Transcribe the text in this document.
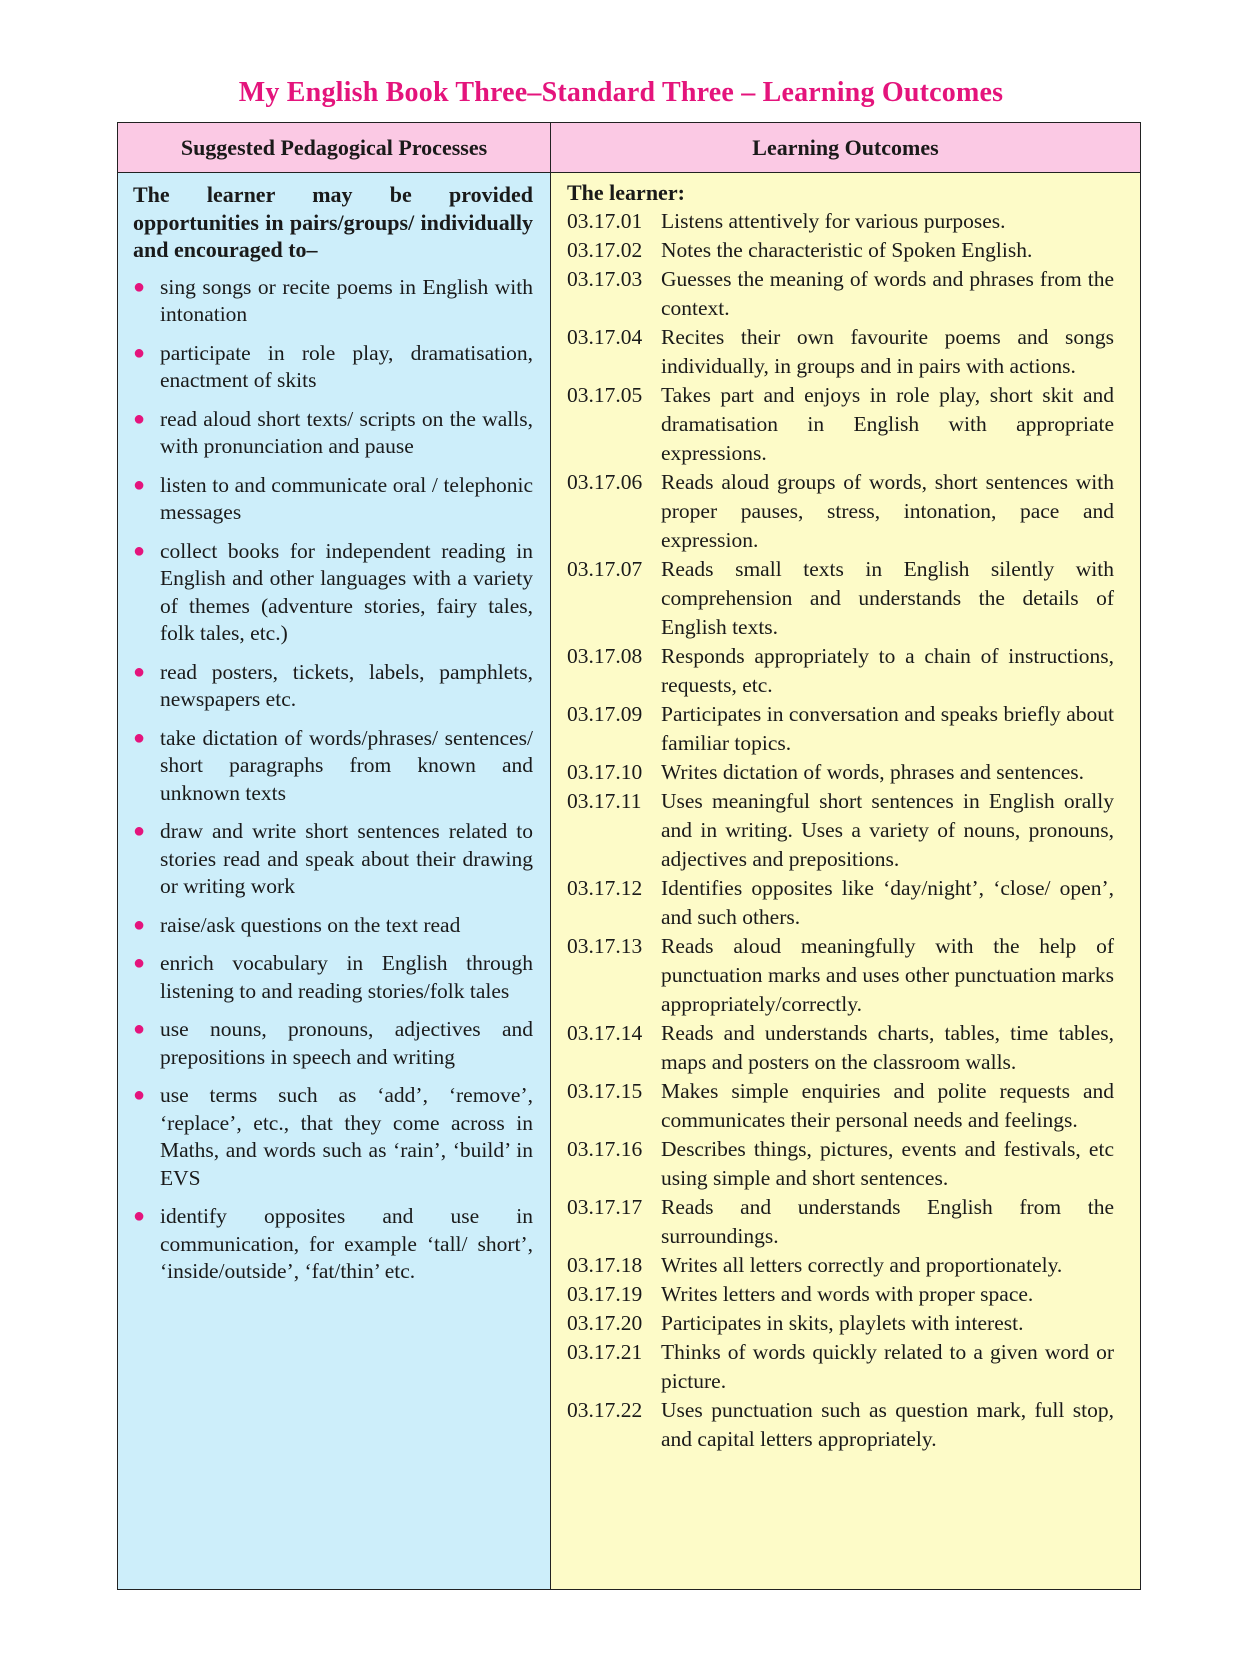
My English Book Three–Standard Three – Learning Outcomes
Suggested Pedagogical Processes

The learner may be provided opportunities in pairs/groups/ individually and encouraged to–

● sing songs or recite poems in English with intonation
● participate in role play, dramatisation, enactment of skits
● read aloud short texts/ scripts on the walls, with pronunciation and pause
● listen to and communicate oral / telephonic messages
● collect books for independent reading in English and other languages with a variety of themes (adventure stories, fairy tales, folk tales, etc.)
● read posters, tickets, labels, pamphlets, newspapers etc.
● take dictation of words/phrases/ sentences/ short paragraphs from known and unknown texts
● draw and write short sentences related to stories read and speak about their drawing or writing work
● raise/ask questions on the text read
● enrich vocabulary in English through listening to and reading stories/folk tales
● use nouns, pronouns, adjectives and prepositions in speech and writing
● use terms such as ‘add’, ‘remove’, ‘replace’, etc., that they come across in Maths, and words such as ‘rain’, ‘build’ in EVS
● identify opposites and use in communication, for example ‘tall/ short’, ‘inside/outside’, ‘fat/thin’ etc.
Learning Outcomes
The learner:
03.17.01 Listens attentively for various purposes.
03.17.02 Notes the characteristic of Spoken English.
03.17.03 Guesses the meaning of words and phrases from the context.
03.17.04 Recites their own favourite poems and songs individually, in groups and in pairs with actions.
03.17.05 Takes part and enjoys in role play, short skit and dramatisation in English with appropriate expressions.
03.17.06 Reads aloud groups of words, short sentences with proper pauses, stress, intonation, pace and expression.
03.17.07 Reads small texts in English silently with comprehension and understands the details of English texts.
03.17.08 Responds appropriately to a chain of instructions, requests, etc.
03.17.09 Participates in conversation and speaks briefly about familiar topics.
03.17.10 Writes dictation of words, phrases and sentences.
03.17.11 Uses meaningful short sentences in English orally and in writing. Uses a variety of nouns, pronouns, adjectives and prepositions.
03.17.12 Identifies opposites like ‘day/night’, ‘close/ open’, and such others.
03.17.13 Reads aloud meaningfully with the help of punctuation marks and uses other punctuation marks appropriately/correctly.
03.17.14 Reads and understands charts, tables, time tables, maps and posters on the classroom walls.
03.17.15 Makes simple enquiries and polite requests and communicates their personal needs and feelings.
03.17.16 Describes things, pictures, events and festivals, etc using simple and short sentences.
03.17.17 Reads and understands English from the surroundings.
03.17.18 Writes all letters correctly and proportionately.
03.17.19 Writes letters and words with proper space.
03.17.20 Participates in skits, playlets with interest.
03.17.21 Thinks of words quickly related to a given word or picture.
03.17.22 Uses punctuation such as question mark, full stop, and capital letters appropriately.
